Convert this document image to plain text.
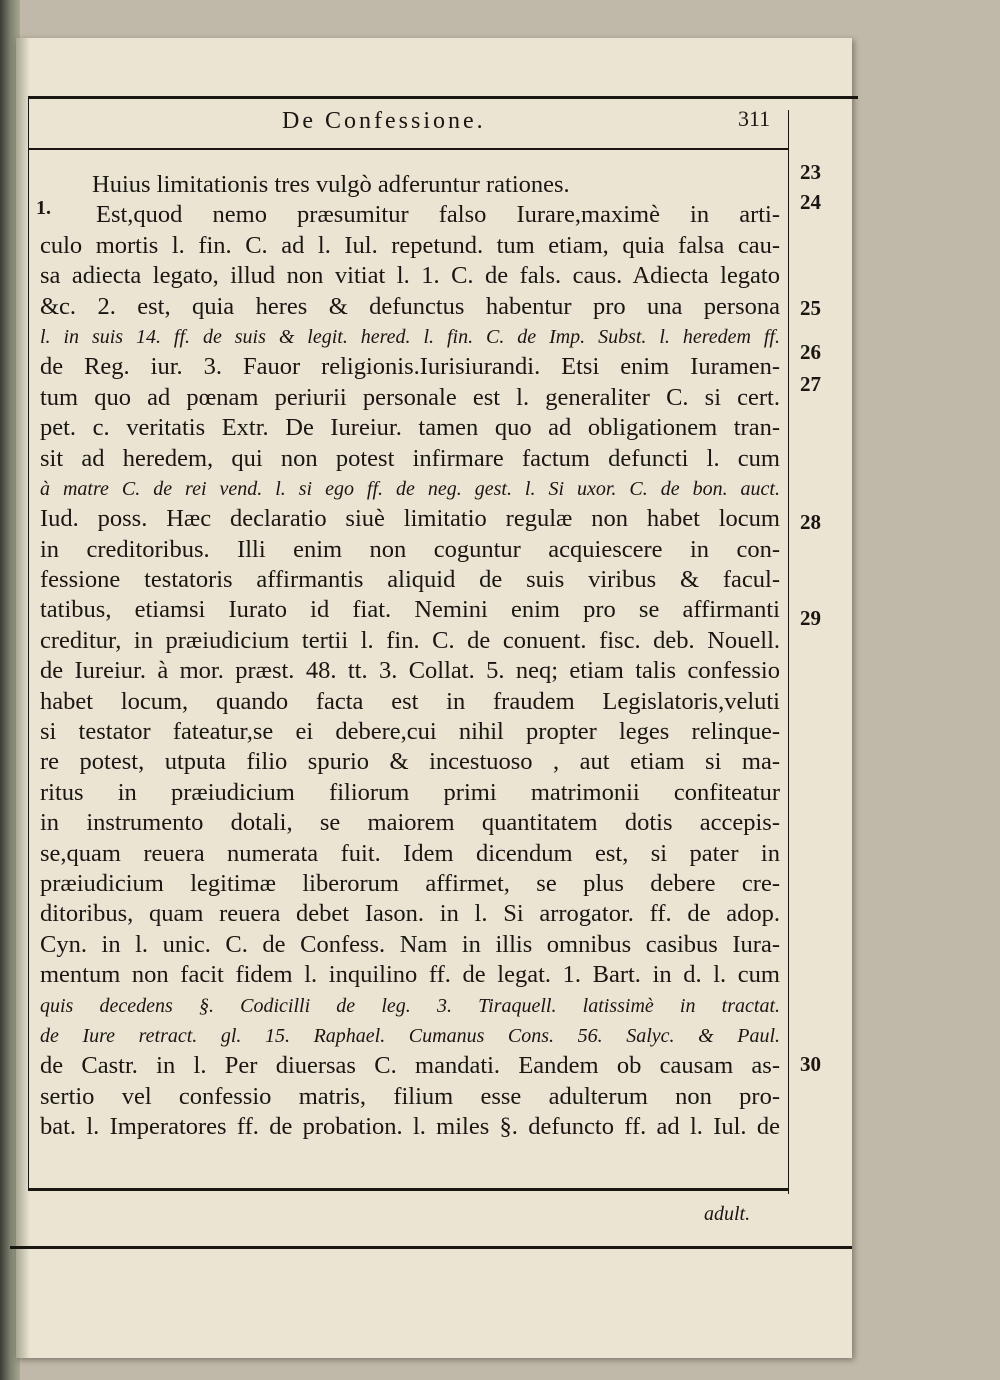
De Confessione.	311
1.
Huius limitationis tres vulgò adferuntur rationes.
Est,quod nemo præsumitur falso Iurare,maximè in arti-
culo mortis l. fin. C. ad l. Iul. repetund. tum etiam, quia falsa cau-
sa adiecta legato, illud non vitiat l. 1. C. de fals. caus. Adiecta legato
&c. 2. est, quia heres & defunctus habentur pro una persona
l. in suis 14. ff. de suis & legit. hered. l. fin. C. de Imp. Subst. l. heredem ff.
de Reg. iur. 3. Fauor religionis.Iurisiurandi. Etsi enim Iuramen-
tum quo ad pœnam periurii personale est l. generaliter C. si cert.
pet. c. veritatis Extr. De Iureiur. tamen quo ad obligationem tran-
sit ad heredem, qui non potest infirmare factum defuncti l. cum
à matre C. de rei vend. l. si ego ff. de neg. gest. l. Si uxor. C. de bon. auct.
Iud. poss. Hæc declaratio siuè limitatio regulæ non habet locum
in creditoribus. Illi enim non coguntur acquiescere in con-
fessione testatoris affirmantis aliquid de suis viribus & facul-
tatibus, etiamsi Iurato id fiat. Nemini enim pro se affirmanti
creditur, in præiudicium tertii l. fin. C. de conuent. fisc. deb. Nouell.
de Iureiur. à mor. præst. 48. tt. 3. Collat. 5. neq; etiam talis confessio
habet locum, quando facta est in fraudem Legislatoris,veluti
si testator fateatur,se ei debere,cui nihil propter leges relinque-
re potest, utputa filio spurio & incestuoso , aut etiam si ma-
ritus in præiudicium filiorum primi matrimonii confiteatur
in instrumento dotali, se maiorem quantitatem dotis accepis-
se,quam reuera numerata fuit. Idem dicendum est, si pater in
præiudicium legitimæ liberorum affirmet, se plus debere cre-
ditoribus, quam reuera debet Iason. in l. Si arrogator. ff. de adop.
Cyn. in l. unic. C. de Confess. Nam in illis omnibus casibus Iura-
mentum non facit fidem l. inquilino ff. de legat. 1. Bart. in d. l. cum
quis decedens §. Codicilli de leg. 3. Tiraquell. latissimè in tractat.
de Iure retract. gl. 15. Raphael. Cumanus Cons. 56. Salyc. & Paul.
de Castr. in l. Per diuersas C. mandati. Eandem ob causam as-
sertio vel confessio matris, filium esse adulterum non pro-
bat. l. Imperatores ff. de probation. l. miles §. defuncto ff. ad l. Iul. de
23
24
25
26
27
28
29
30
adult.
